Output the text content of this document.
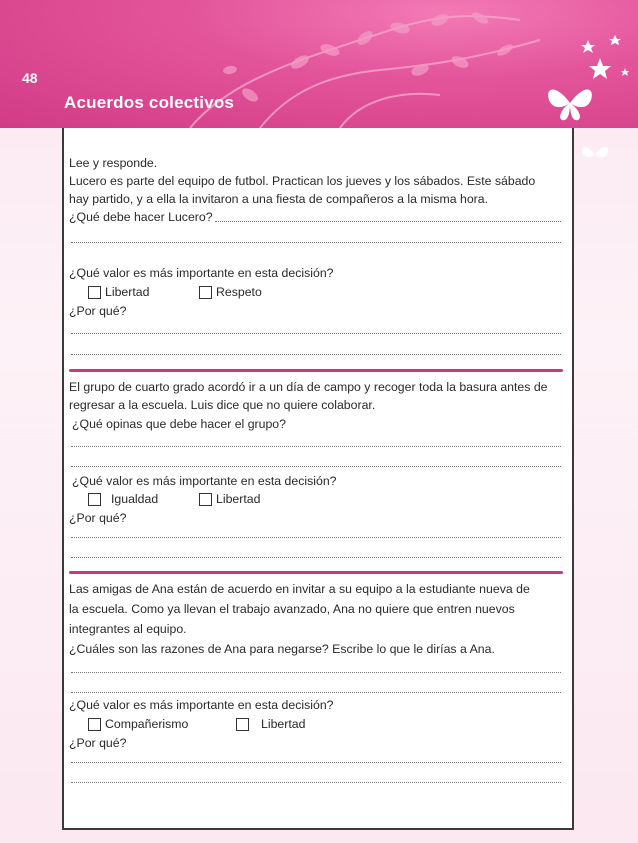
48
Acuerdos colectivos
Lee y responde.
Lucero es parte del equipo de futbol. Practican los jueves y los sábados. Este sábado
hay partido, y a ella la invitaron a una fiesta de compañeros a la misma hora.
¿Qué debe hacer Lucero?
¿Qué valor es más importante en esta decisión?
Libertad	Respeto
¿Por qué?
El grupo de cuarto grado acordó ir a un día de campo y recoger toda la basura antes de
regresar a la escuela. Luis dice que no quiere colaborar.
¿Qué opinas que debe hacer el grupo?
¿Qué valor es más importante en esta decisión?
Igualdad	Libertad
¿Por qué?
Las amigas de Ana están de acuerdo en invitar a su equipo a la estudiante nueva de
la escuela. Como ya llevan el trabajo avanzado, Ana no quiere que entren nuevos
integrantes al equipo.
¿Cuáles son las razones de Ana para negarse? Escribe lo que le dirías a Ana.
¿Qué valor es más importante en esta decisión?
Compañerismo	Libertad
¿Por qué?
